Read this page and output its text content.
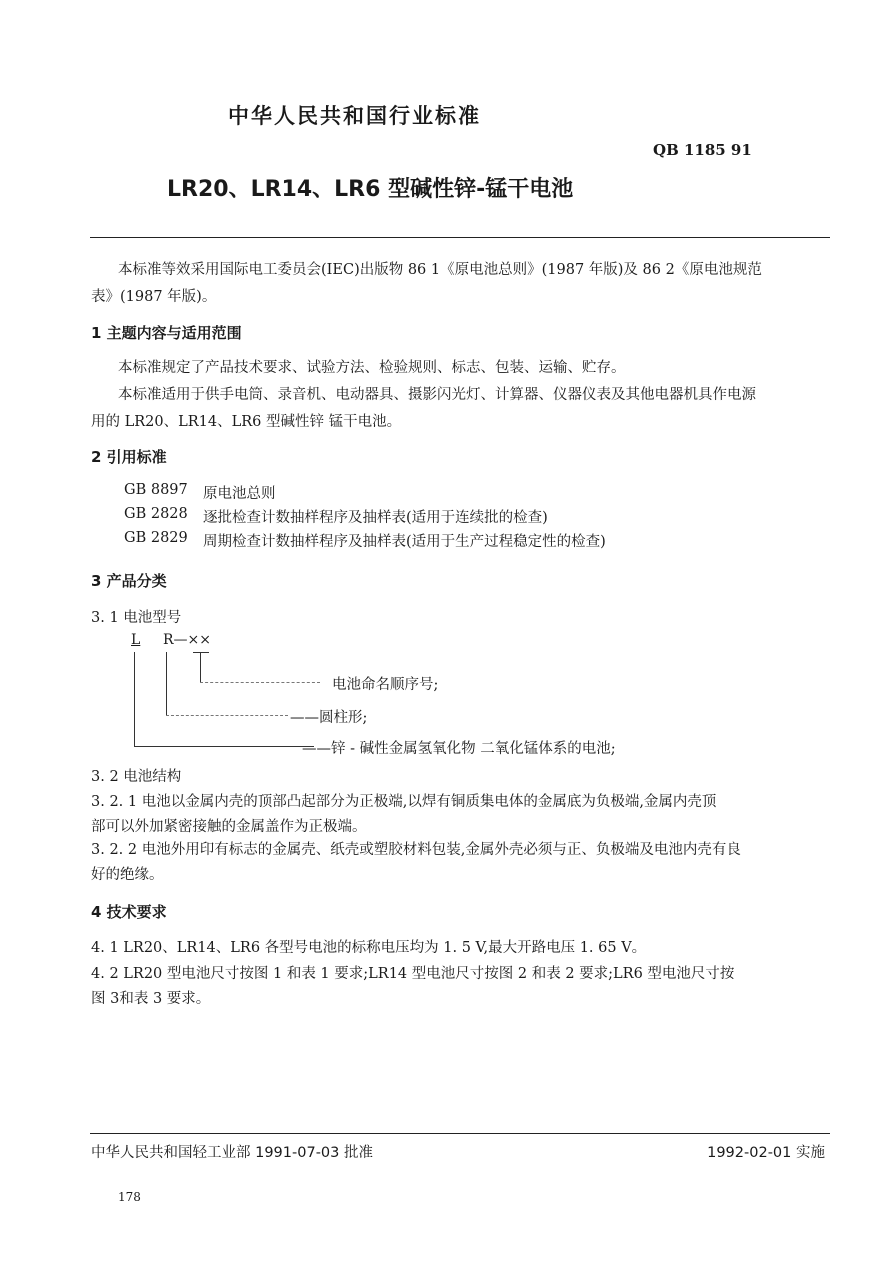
中华人民共和国行业标准
QB 1185 91
LR20、LR14、LR6 型碱性锌-锰干电池
本标准等效采用国际电工委员会(IEC)出版物 86 1《原电池总则》(1987 年版)及 86 2《原电池规范
表》(1987 年版)。
1 主题内容与适用范围
本标准规定了产品技术要求、试验方法、检验规则、标志、包装、运输、贮存。
本标准适用于供手电筒、录音机、电动器具、摄影闪光灯、计算器、仪器仪表及其他电器机具作电源
用的 LR20、LR14、LR6 型碱性锌 锰干电池。
2 引用标准
GB 8897 原电池总则
GB 2828 逐批检查计数抽样程序及抽样表(适用于连续批的检查)
GB 2829 周期检查计数抽样程序及抽样表(适用于生产过程稳定性的检查)
3 产品分类
3. 1 电池型号
L R—××
电池命名顺序号;
——圆柱形;
——锌 - 碱性金属氢氧化物 二氧化锰体系的电池;
3. 2 电池结构
3. 2. 1 电池以金属内壳的顶部凸起部分为正极端,以焊有铜质集电体的金属底为负极端,金属内壳顶
部可以外加紧密接触的金属盖作为正极端。
3. 2. 2 电池外用印有标志的金属壳、纸壳或塑胶材料包装,金属外壳必须与正、负极端及电池内壳有良
好的绝缘。
4 技术要求
4. 1 LR20、LR14、LR6 各型号电池的标称电压均为 1. 5 V,最大开路电压 1. 65 V。
4. 2 LR20 型电池尺寸按图 1 和表 1 要求;LR14 型电池尺寸按图 2 和表 2 要求;LR6 型电池尺寸按
图 3和表 3 要求。
中华人民共和国轻工业部 1991-07-03 批准	1992-02-01 实施
178
